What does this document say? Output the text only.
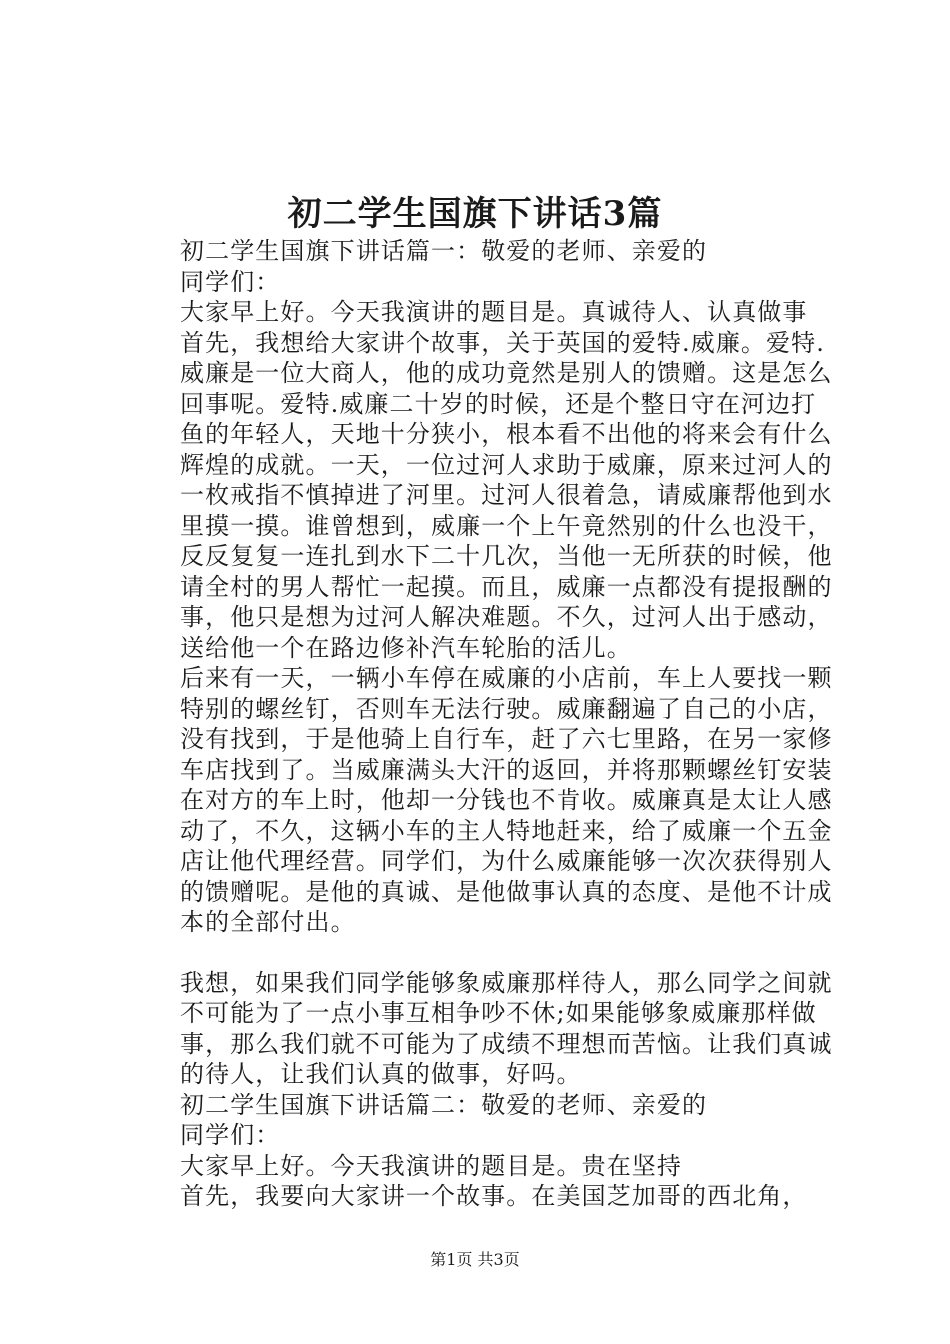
初二学生国旗下讲话3篇

初二学生国旗下讲话篇一：敬爱的老师、亲爱的

同学们：

大家早上好。今天我演讲的题目是。真诚待人、认真做事

首先，我想给大家讲个故事，关于英国的爱特.威廉。爱特.威廉是一位大商人，他的成功竟然是别人的馈赠。这是怎么回事呢。爱特.威廉二十岁的时候，还是个整日守在河边打鱼的年轻人，天地十分狭小，根本看不出他的将来会有什么辉煌的成就。一天，一位过河人求助于威廉，原来过河人的一枚戒指不慎掉进了河里。过河人很着急，请威廉帮他到水里摸一摸。谁曾想到，威廉一个上午竟然别的什么也没干，反反复复一连扎到水下二十几次，当他一无所获的时候，他请全村的男人帮忙一起摸。而且，威廉一点都没有提报酬的事，他只是想为过河人解决难题。不久，过河人出于感动，送给他一个在路边修补汽车轮胎的活儿。

后来有一天，一辆小车停在威廉的小店前，车上人要找一颗特别的螺丝钉，否则车无法行驶。威廉翻遍了自己的小店，没有找到，于是他骑上自行车，赶了六七里路，在另一家修车店找到了。当威廉满头大汗的返回，并将那颗螺丝钉安装在对方的车上时，他却一分钱也不肯收。威廉真是太让人感动了，不久，这辆小车的主人特地赶来，给了威廉一个五金店让他代理经营。同学们，为什么威廉能够一次次获得别人的馈赠呢。是他的真诚、是他做事认真的态度、是他不计成本的全部付出。

我想，如果我们同学能够象威廉那样待人，那么同学之间就不可能为了一点小事互相争吵不休;如果能够象威廉那样做事，那么我们就不可能为了成绩不理想而苦恼。让我们真诚的待人，让我们认真的做事，好吗。

初二学生国旗下讲话篇二：敬爱的老师、亲爱的

同学们：

大家早上好。今天我演讲的题目是。贵在坚持

首先，我要向大家讲一个故事。在美国芝加哥的西北角，

第1页 共3页
